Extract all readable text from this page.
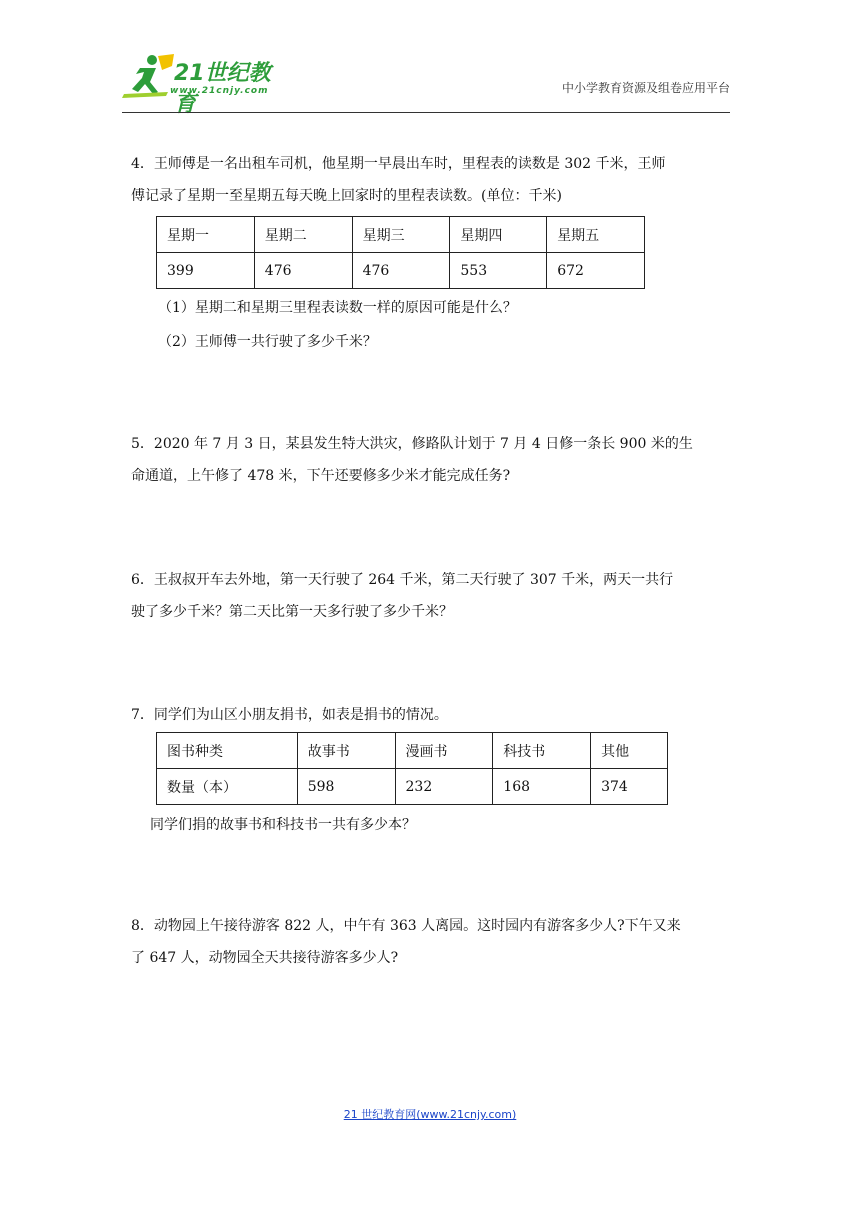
21世纪教育
www.21cnjy.com	中小学教育资源及组卷应用平台

4．王师傅是一名出租车司机，他星期一早晨出车时，里程表的读数是 302 千米，王师

傅记录了星期一至星期五每天晚上回家时的里程表读数。(单位：千米)

星期一	星期二	星期三	星期四	星期五
399	476	476	553	672
（1）星期二和星期三里程表读数一样的原因可能是什么？
（2）王师傅一共行驶了多少千米？

5．2020 年 7 月 3 日，某县发生特大洪灾，修路队计划于 7 月 4 日修一条长 900 米的生

命通道，上午修了 478 米，下午还要修多少米才能完成任务?

6．王叔叔开车去外地，第一天行驶了 264 千米，第二天行驶了 307 千米，两天一共行

驶了多少千米？第二天比第一天多行驶了多少千米？

7．同学们为山区小朋友捐书，如表是捐书的情况。

图书种类	故事书	漫画书	科技书	其他
数量（本）	598	232	168	374
同学们捐的故事书和科技书一共有多少本？

8．动物园上午接待游客 822 人，中午有 363 人离园。这时园内有游客多少人?下午又来

了 647 人，动物园全天共接待游客多少人?

21 世纪教育网(www.21cnjy.com)
